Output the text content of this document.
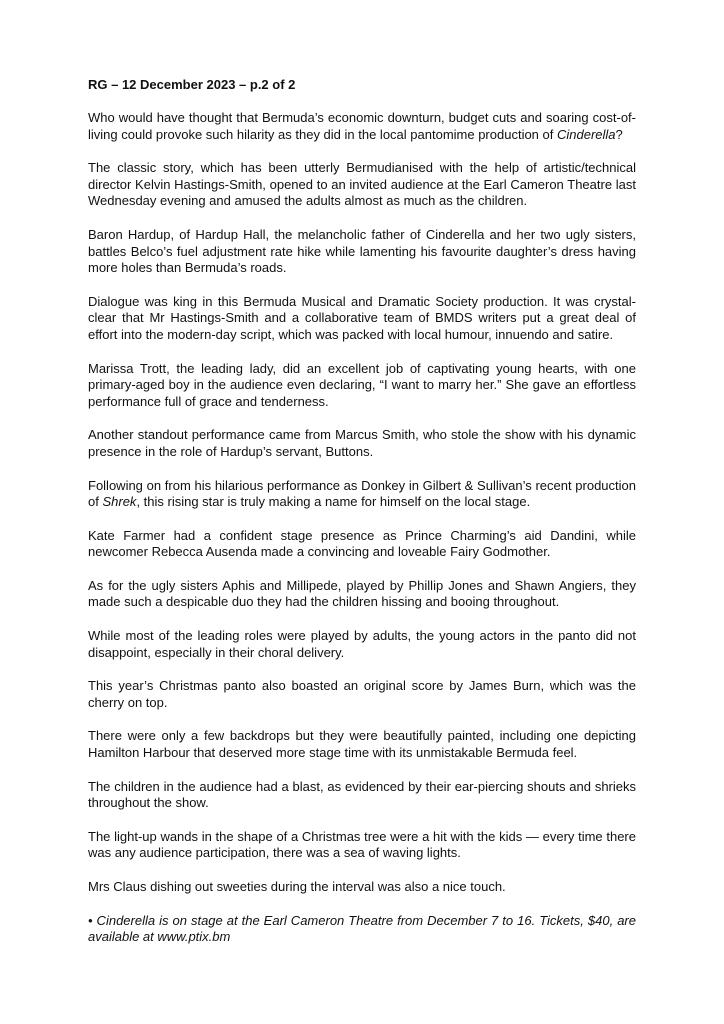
RG – 12 December 2023 – p.2 of 2

Who would have thought that Bermuda’s economic downturn, budget cuts and soaring cost-of-living could provoke such hilarity as they did in the local pantomime production of Cinderella?

The classic story, which has been utterly Bermudianised with the help of artistic/technical director Kelvin Hastings-Smith, opened to an invited audience at the Earl Cameron Theatre last Wednesday evening and amused the adults almost as much as the children.

Baron Hardup, of Hardup Hall, the melancholic father of Cinderella and her two ugly sisters, battles Belco’s fuel adjustment rate hike while lamenting his favourite daughter’s dress having more holes than Bermuda’s roads.

Dialogue was king in this Bermuda Musical and Dramatic Society production. It was crystal-clear that Mr Hastings-Smith and a collaborative team of BMDS writers put a great deal of effort into the modern-day script, which was packed with local humour, innuendo and satire.

Marissa Trott, the leading lady, did an excellent job of captivating young hearts, with one primary-aged boy in the audience even declaring, “I want to marry her.” She gave an effortless performance full of grace and tenderness.

Another standout performance came from Marcus Smith, who stole the show with his dynamic presence in the role of Hardup’s servant, Buttons.

Following on from his hilarious performance as Donkey in Gilbert & Sullivan’s recent production of Shrek, this rising star is truly making a name for himself on the local stage.

Kate Farmer had a confident stage presence as Prince Charming’s aid Dandini, while newcomer Rebecca Ausenda made a convincing and loveable Fairy Godmother.

As for the ugly sisters Aphis and Millipede, played by Phillip Jones and Shawn Angiers, they made such a despicable duo they had the children hissing and booing throughout.

While most of the leading roles were played by adults, the young actors in the panto did not disappoint, especially in their choral delivery.

This year’s Christmas panto also boasted an original score by James Burn, which was the cherry on top.

There were only a few backdrops but they were beautifully painted, including one depicting Hamilton Harbour that deserved more stage time with its unmistakable Bermuda feel.

The children in the audience had a blast, as evidenced by their ear-piercing shouts and shrieks throughout the show.

The light-up wands in the shape of a Christmas tree were a hit with the kids — every time there was any audience participation, there was a sea of waving lights.

Mrs Claus dishing out sweeties during the interval was also a nice touch.

• Cinderella is on stage at the Earl Cameron Theatre from December 7 to 16. Tickets, $40, are available at www.ptix.bm
